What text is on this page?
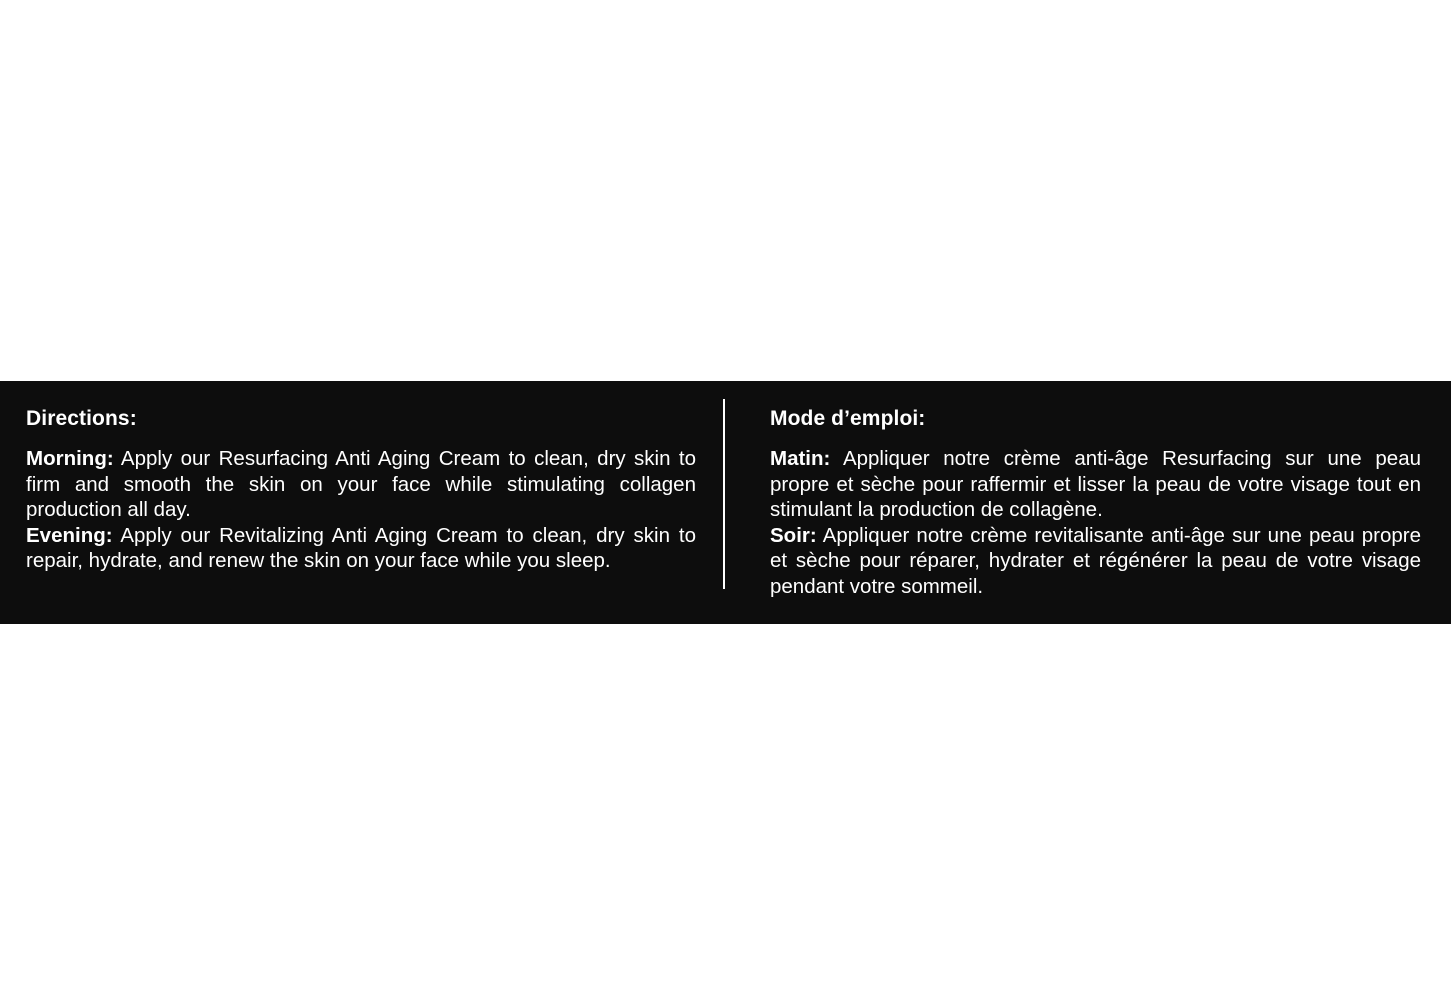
Directions:

Morning: Apply our Resurfacing Anti Aging Cream to clean, dry skin to firm and smooth the skin on your face while stimulating collagen production all day.

Evening: Apply our Revitalizing Anti Aging Cream to clean, dry skin to repair, hydrate, and renew the skin on your face while you sleep.

Mode d’emploi:

Matin: Appliquer notre crème anti-âge Resurfacing sur une peau propre et sèche pour raffermir et lisser la peau de votre visage tout en stimulant la production de collagène.

Soir: Appliquer notre crème revitalisante anti-âge sur une peau propre et sèche pour réparer, hydrater et régénérer la peau de votre visage pendant votre sommeil.
